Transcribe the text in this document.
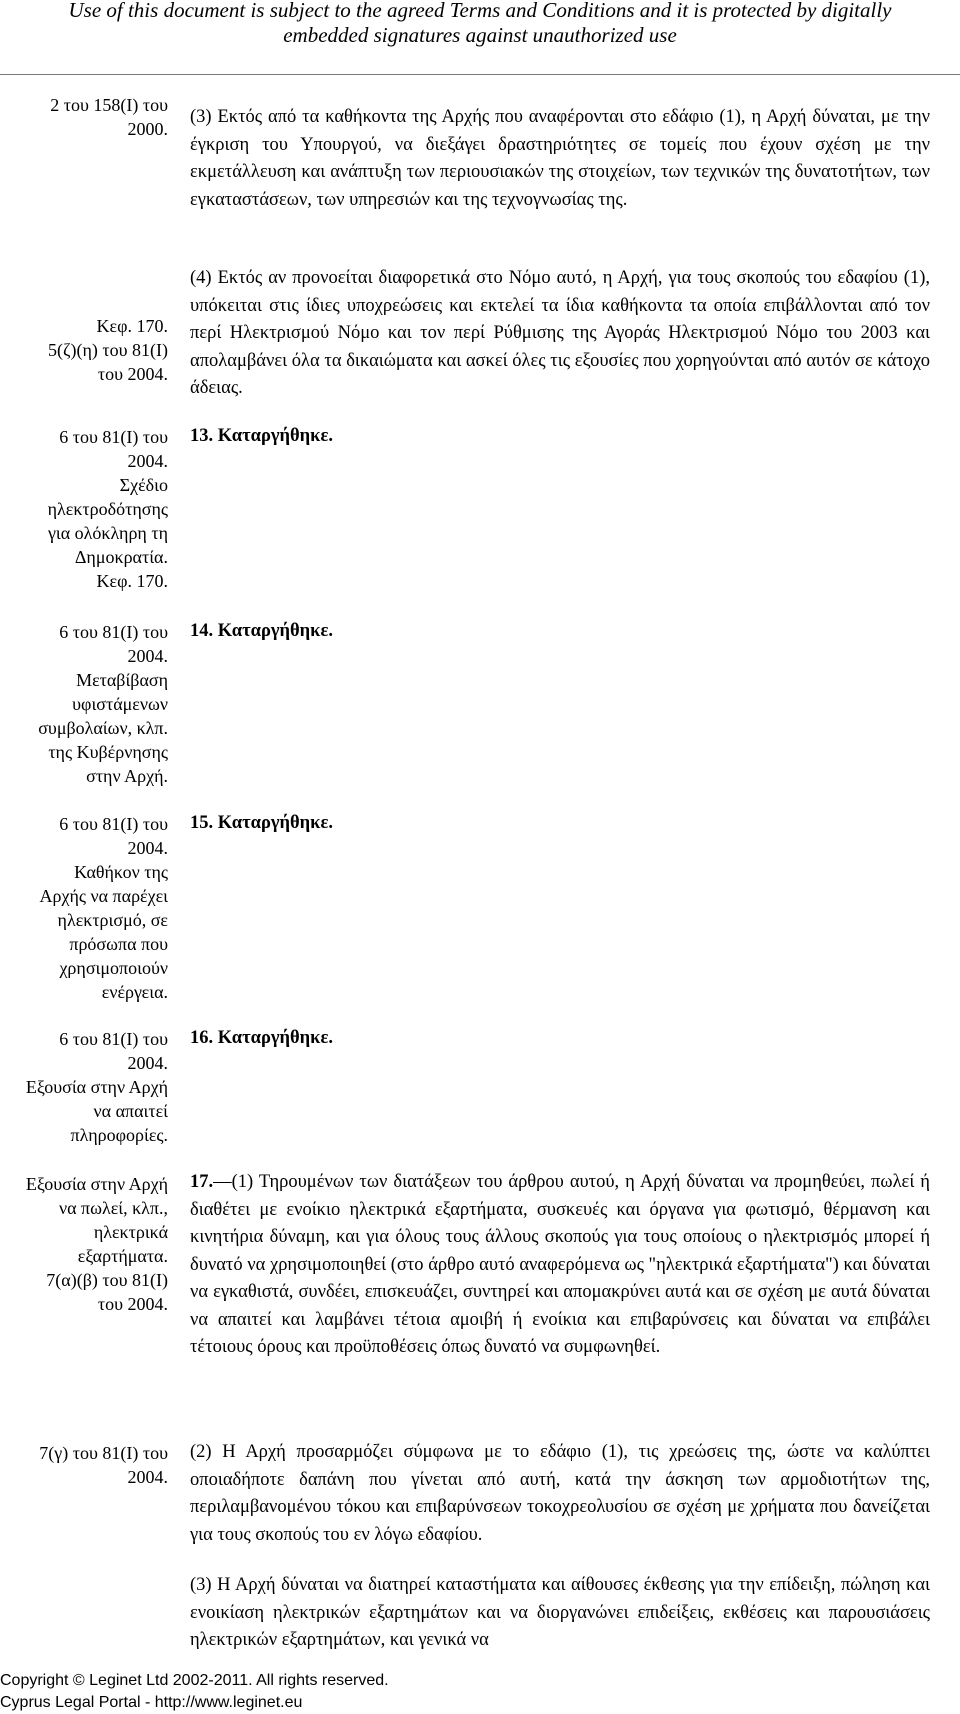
Use of this document is subject to the agreed Terms and Conditions and it is protected by digitally
embedded signatures against unauthorized use
2 του 158(Ι) του
2000.
Κεφ. 170.
5(ζ)(η) του 81(Ι)
του 2004.
6 του 81(Ι) του
2004.
Σχέδιο
ηλεκτροδότησης
για ολόκληρη τη
Δημοκρατία.
Κεφ. 170.
6 του 81(Ι) του
2004.
Μεταβίβαση
υφιστάμενων
συμβολαίων, κλπ.
της Κυβέρνησης
στην Αρχή.
6 του 81(Ι) του
2004.
Καθήκον της
Αρχής να παρέχει
ηλεκτρισμό, σε
πρόσωπα που
χρησιμοποιούν
ενέργεια.
6 του 81(Ι) του
2004.
Εξουσία στην Αρχή
να απαιτεί
πληροφορίες.
Εξουσία στην Αρχή
να πωλεί, κλπ.,
ηλεκτρικά
εξαρτήματα.
7(α)(β) του 81(Ι)
του 2004.
7(γ) του 81(Ι) του
2004.

(3) Εκτός από τα καθήκοντα της Αρχής που αναφέρονται στο εδάφιο (1), η Αρχή δύναται, με την έγκριση του Υπουργού, να διεξάγει δραστηριότητες σε τομείς που έχουν σχέση με την εκμετάλλευση και ανάπτυξη των περιουσιακών της στοιχείων, των τεχνικών της δυνατοτήτων, των εγκαταστάσεων, των υπηρεσιών και της τεχνογνωσίας της.

(4) Εκτός αν προνοείται διαφορετικά στο Νόμο αυτό, η Αρχή, για τους σκοπούς του εδαφίου (1), υπόκειται στις ίδιες υποχρεώσεις και εκτελεί τα ίδια καθήκοντα τα οποία επιβάλλονται από τον περί Ηλεκτρισμού Νόμο και τον περί Ρύθμισης της Αγοράς Ηλεκτρισμού Νόμο του 2003 και απολαμβάνει όλα τα δικαιώματα και ασκεί όλες τις εξουσίες που χορηγούνται από αυτόν σε κάτοχο άδειας.

13. Καταργήθηκε.
14. Καταργήθηκε.
15. Καταργήθηκε.
16. Καταργήθηκε.

17.—(1) Τηρουμένων των διατάξεων του άρθρου αυτού, η Αρχή δύναται να προμηθεύει, πωλεί ή διαθέτει με ενοίκιο ηλεκτρικά εξαρτήματα, συσκευές και όργανα για φωτισμό, θέρμανση και κινητήρια δύναμη, και για όλους τους άλλους σκοπούς για τους οποίους ο ηλεκτρισμός μπορεί ή δυνατό να χρησιμοποιηθεί (στο άρθρο αυτό αναφερόμενα ως "ηλεκτρικά εξαρτήματα") και δύναται να εγκαθιστά, συνδέει, επισκευάζει, συντηρεί και απομακρύνει αυτά και σε σχέση με αυτά δύναται να απαιτεί και λαμβάνει τέτοια αμοιβή ή ενοίκια και επιβαρύνσεις και δύναται να επιβάλει τέτοιους όρους και προϋποθέσεις όπως δυνατό να συμφωνηθεί.

(2) Η Αρχή προσαρμόζει σύμφωνα με το εδάφιο (1), τις χρεώσεις της, ώστε να καλύπτει οποιαδήποτε δαπάνη που γίνεται από αυτή, κατά την άσκηση των αρμοδιοτήτων της, περιλαμβανομένου τόκου και επιβαρύνσεων τοκοχρεολυσίου σε σχέση με χρήματα που δανείζεται για τους σκοπούς του εν λόγω εδαφίου.

(3) Η Αρχή δύναται να διατηρεί καταστήματα και αίθουσες έκθεσης για την επίδειξη, πώληση και ενοικίαση ηλεκτρικών εξαρτημάτων και να διοργανώνει επιδείξεις, εκθέσεις και παρουσιάσεις ηλεκτρικών εξαρτημάτων, και γενικά να

Copyright © Leginet Ltd 2002-2011. All rights reserved.
Cyprus Legal Portal - http://www.leginet.eu
